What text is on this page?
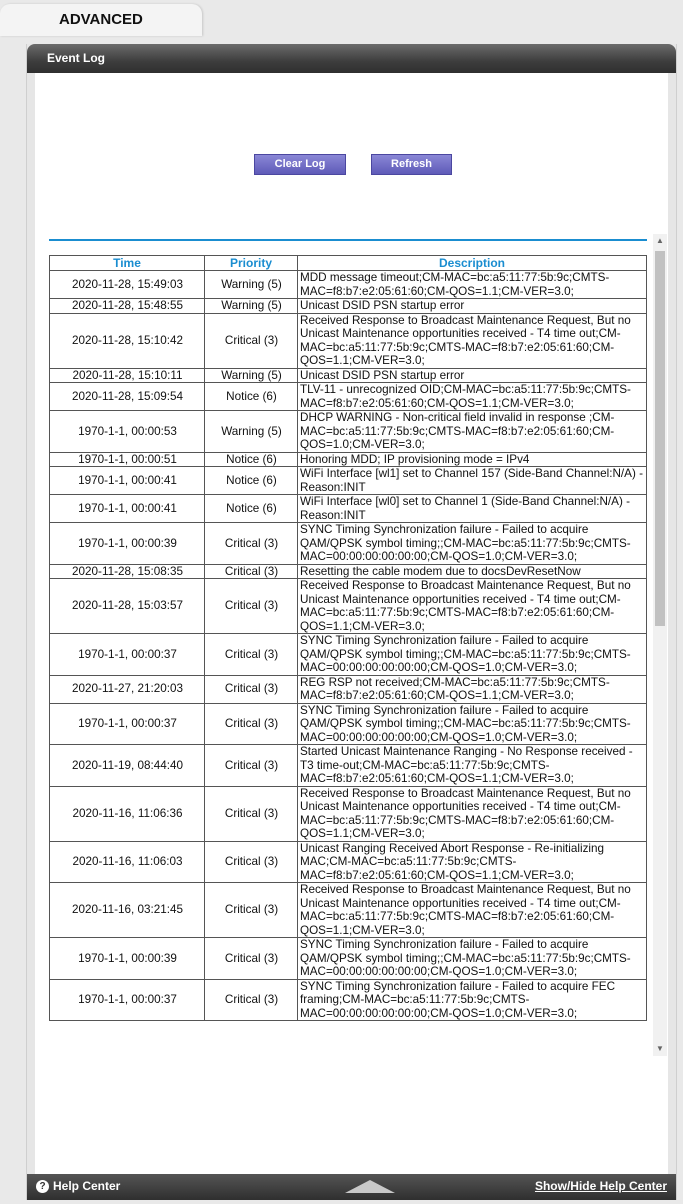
ADVANCED
Event Log
Clear Log	Refresh
Time	Priority	Description
2020-11-28, 15:49:03	Warning (5)	MDD message timeout;CM-MAC=bc:a5:11:77:5b:9c;CMTS-MAC=f8:b7:e2:05:61:60;CM-QOS=1.1;CM-VER=3.0;
2020-11-28, 15:48:55	Warning (5)	Unicast DSID PSN startup error
2020-11-28, 15:10:42	Critical (3)	Received Response to Broadcast Maintenance Request, But no Unicast Maintenance opportunities received - T4 time out;CM-MAC=bc:a5:11:77:5b:9c;CMTS-MAC=f8:b7:e2:05:61:60;CM-QOS=1.1;CM-VER=3.0;
2020-11-28, 15:10:11	Warning (5)	Unicast DSID PSN startup error
2020-11-28, 15:09:54	Notice (6)	TLV-11 - unrecognized OID;CM-MAC=bc:a5:11:77:5b:9c;CMTS-MAC=f8:b7:e2:05:61:60;CM-QOS=1.1;CM-VER=3.0;
1970-1-1, 00:00:53	Warning (5)	DHCP WARNING - Non-critical field invalid in response ;CM-MAC=bc:a5:11:77:5b:9c;CMTS-MAC=f8:b7:e2:05:61:60;CM-QOS=1.0;CM-VER=3.0;
1970-1-1, 00:00:51	Notice (6)	Honoring MDD; IP provisioning mode = IPv4
1970-1-1, 00:00:41	Notice (6)	WiFi Interface [wl1] set to Channel 157 (Side-Band Channel:N/A) - Reason:INIT
1970-1-1, 00:00:41	Notice (6)	WiFi Interface [wl0] set to Channel 1 (Side-Band Channel:N/A) - Reason:INIT
1970-1-1, 00:00:39	Critical (3)	SYNC Timing Synchronization failure - Failed to acquire QAM/QPSK symbol timing;;CM-MAC=bc:a5:11:77:5b:9c;CMTS-MAC=00:00:00:00:00:00;CM-QOS=1.0;CM-VER=3.0;
2020-11-28, 15:08:35	Critical (3)	Resetting the cable modem due to docsDevResetNow
2020-11-28, 15:03:57	Critical (3)	Received Response to Broadcast Maintenance Request, But no Unicast Maintenance opportunities received - T4 time out;CM-MAC=bc:a5:11:77:5b:9c;CMTS-MAC=f8:b7:e2:05:61:60;CM-QOS=1.1;CM-VER=3.0;
1970-1-1, 00:00:37	Critical (3)	SYNC Timing Synchronization failure - Failed to acquire QAM/QPSK symbol timing;;CM-MAC=bc:a5:11:77:5b:9c;CMTS-MAC=00:00:00:00:00:00;CM-QOS=1.0;CM-VER=3.0;
2020-11-27, 21:20:03	Critical (3)	REG RSP not received;CM-MAC=bc:a5:11:77:5b:9c;CMTS-MAC=f8:b7:e2:05:61:60;CM-QOS=1.1;CM-VER=3.0;
1970-1-1, 00:00:37	Critical (3)	SYNC Timing Synchronization failure - Failed to acquire QAM/QPSK symbol timing;;CM-MAC=bc:a5:11:77:5b:9c;CMTS-MAC=00:00:00:00:00:00;CM-QOS=1.0;CM-VER=3.0;
2020-11-19, 08:44:40	Critical (3)	Started Unicast Maintenance Ranging - No Response received - T3 time-out;CM-MAC=bc:a5:11:77:5b:9c;CMTS-MAC=f8:b7:e2:05:61:60;CM-QOS=1.1;CM-VER=3.0;
2020-11-16, 11:06:36	Critical (3)	Received Response to Broadcast Maintenance Request, But no Unicast Maintenance opportunities received - T4 time out;CM-MAC=bc:a5:11:77:5b:9c;CMTS-MAC=f8:b7:e2:05:61:60;CM-QOS=1.1;CM-VER=3.0;
2020-11-16, 11:06:03	Critical (3)	Unicast Ranging Received Abort Response - Re-initializing MAC;CM-MAC=bc:a5:11:77:5b:9c;CMTS-MAC=f8:b7:e2:05:61:60;CM-QOS=1.1;CM-VER=3.0;
2020-11-16, 03:21:45	Critical (3)	Received Response to Broadcast Maintenance Request, But no Unicast Maintenance opportunities received - T4 time out;CM-MAC=bc:a5:11:77:5b:9c;CMTS-MAC=f8:b7:e2:05:61:60;CM-QOS=1.1;CM-VER=3.0;
1970-1-1, 00:00:39	Critical (3)	SYNC Timing Synchronization failure - Failed to acquire QAM/QPSK symbol timing;;CM-MAC=bc:a5:11:77:5b:9c;CMTS-MAC=00:00:00:00:00:00;CM-QOS=1.0;CM-VER=3.0;
1970-1-1, 00:00:37	Critical (3)	SYNC Timing Synchronization failure - Failed to acquire FEC framing;CM-MAC=bc:a5:11:77:5b:9c;CMTS-MAC=00:00:00:00:00:00;CM-QOS=1.0;CM-VER=3.0;
▲
▼
? Help Center	Show/Hide Help Center
